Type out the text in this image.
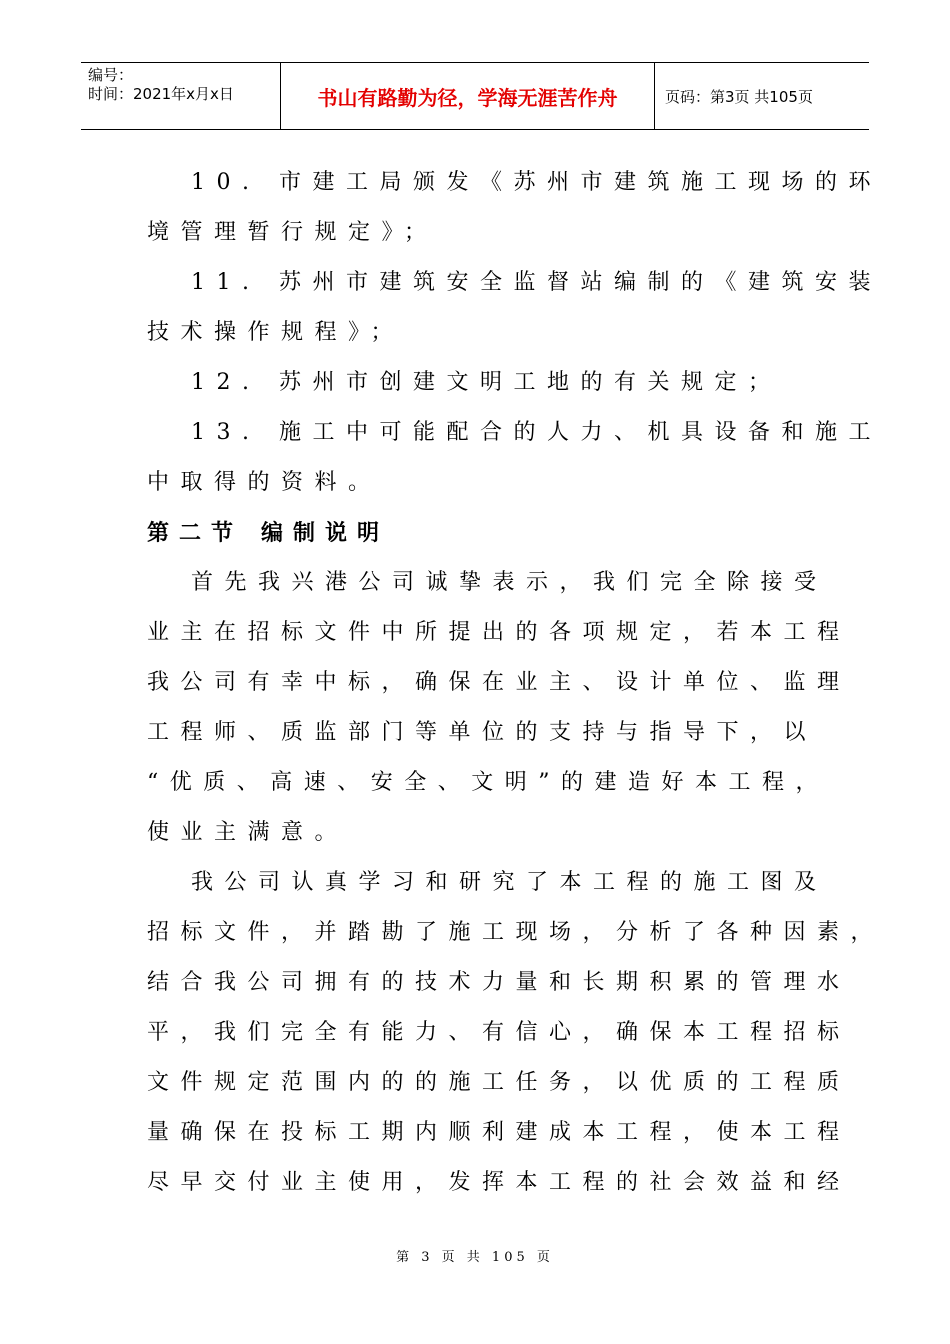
编号：
时间：2021年x月x日	书山有路勤为径，学海无涯苦作舟	页码：第3页 共105页
10. 市建工局颁发《苏州市建筑施工现场的环
境管理暂行规定》；
11. 苏州市建筑安全监督站编制的《建筑安装
技术操作规程》；
12. 苏州市创建文明工地的有关规定；
13. 施工中可能配合的人力、机具设备和施工
中取得的资料。
第二节 编制说明
首先我兴港公司诚挚表示，我们完全除接受
业主在招标文件中所提出的各项规定，若本工程
我公司有幸中标，确保在业主、设计单位、监理
工程师、质监部门等单位的支持与指导下，以
“优质、高速、安全、文明”的建造好本工程，
使业主满意。
我公司认真学习和研究了本工程的施工图及
招标文件，并踏勘了施工现场，分析了各种因素，
结合我公司拥有的技术力量和长期积累的管理水
平，我们完全有能力、有信心，确保本工程招标
文件规定范围内的的施工任务，以优质的工程质
量确保在投标工期内顺利建成本工程，使本工程
尽早交付业主使用，发挥本工程的社会效益和经
第 3 页 共 105 页
